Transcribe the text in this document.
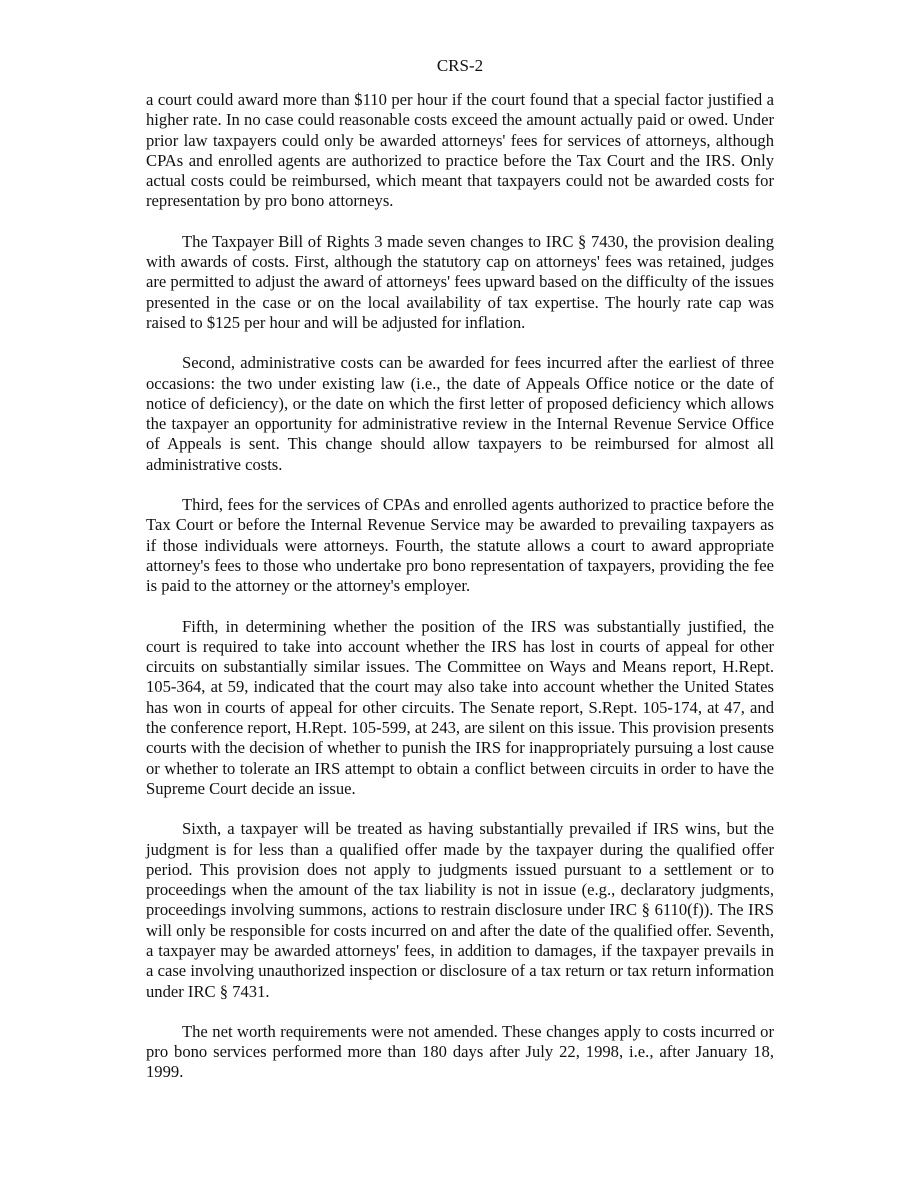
CRS-2

a court could award more than $110 per hour if the court found that a special factor justified a higher rate. In no case could reasonable costs exceed the amount actually paid or owed. Under prior law taxpayers could only be awarded attorneys' fees for services of attorneys, although CPAs and enrolled agents are authorized to practice before the Tax Court and the IRS. Only actual costs could be reimbursed, which meant that taxpayers could not be awarded costs for representation by pro bono attorneys.

The Taxpayer Bill of Rights 3 made seven changes to IRC § 7430, the provision dealing with awards of costs. First, although the statutory cap on attorneys' fees was retained, judges are permitted to adjust the award of attorneys' fees upward based on the difficulty of the issues presented in the case or on the local availability of tax expertise. The hourly rate cap was raised to $125 per hour and will be adjusted for inflation.

Second, administrative costs can be awarded for fees incurred after the earliest of three occasions: the two under existing law (i.e., the date of Appeals Office notice or the date of notice of deficiency), or the date on which the first letter of proposed deficiency which allows the taxpayer an opportunity for administrative review in the Internal Revenue Service Office of Appeals is sent. This change should allow taxpayers to be reimbursed for almost all administrative costs.

Third, fees for the services of CPAs and enrolled agents authorized to practice before the Tax Court or before the Internal Revenue Service may be awarded to prevailing taxpayers as if those individuals were attorneys. Fourth, the statute allows a court to award appropriate attorney's fees to those who undertake pro bono representation of taxpayers, providing the fee is paid to the attorney or the attorney's employer.

Fifth, in determining whether the position of the IRS was substantially justified, the court is required to take into account whether the IRS has lost in courts of appeal for other circuits on substantially similar issues. The Committee on Ways and Means report, H.Rept. 105-364, at 59, indicated that the court may also take into account whether the United States has won in courts of appeal for other circuits. The Senate report, S.Rept. 105-174, at 47, and the conference report, H.Rept. 105-599, at 243, are silent on this issue. This provision presents courts with the decision of whether to punish the IRS for inappropriately pursuing a lost cause or whether to tolerate an IRS attempt to obtain a conflict between circuits in order to have the Supreme Court decide an issue.

Sixth, a taxpayer will be treated as having substantially prevailed if IRS wins, but the judgment is for less than a qualified offer made by the taxpayer during the qualified offer period. This provision does not apply to judgments issued pursuant to a settlement or to proceedings when the amount of the tax liability is not in issue (e.g., declaratory judgments, proceedings involving summons, actions to restrain disclosure under IRC § 6110(f)). The IRS will only be responsible for costs incurred on and after the date of the qualified offer. Seventh, a taxpayer may be awarded attorneys' fees, in addition to damages, if the taxpayer prevails in a case involving unauthorized inspection or disclosure of a tax return or tax return information under IRC § 7431.

The net worth requirements were not amended. These changes apply to costs incurred or pro bono services performed more than 180 days after July 22, 1998, i.e., after January 18, 1999.
